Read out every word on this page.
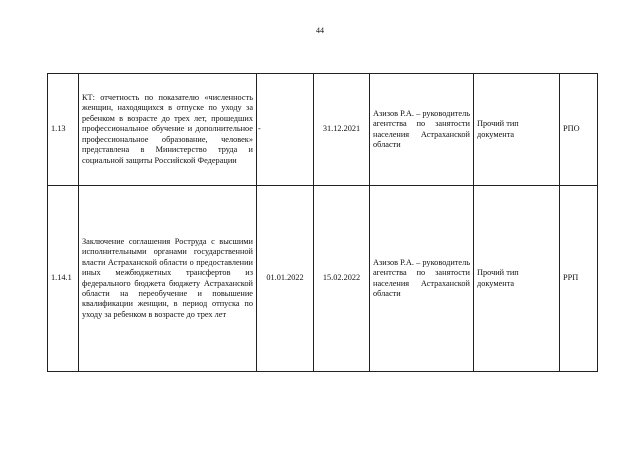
44
1.13	КТ: отчетность по показателю «численность женщин, находящихся в отпуске по уходу за ребенком в возрасте до трех лет, прошедших профессиональное обучение и дополнительное профессиональное образование, человек» представлена в Министерство труда и социальной защиты Российской Федерации	-	31.12.2021	Азизов Р.А. – руководитель агентства по занятости населения Астраханской области	Прочий тип документа	РПО
1.14.1	Заключение соглашения Роструда с высшими исполнительными органами государственной власти Астраханской области о предоставлении иных межбюджетных трансфертов из федерального бюджета бюджету Астраханской области на переобучение и повышение квалификации женщин, в период отпуска по уходу за ребенком в возрасте до трех лет	01.01.2022	15.02.2022	Азизов Р.А. – руководитель агентства по занятости населения Астраханской области	Прочий тип документа	РРП
